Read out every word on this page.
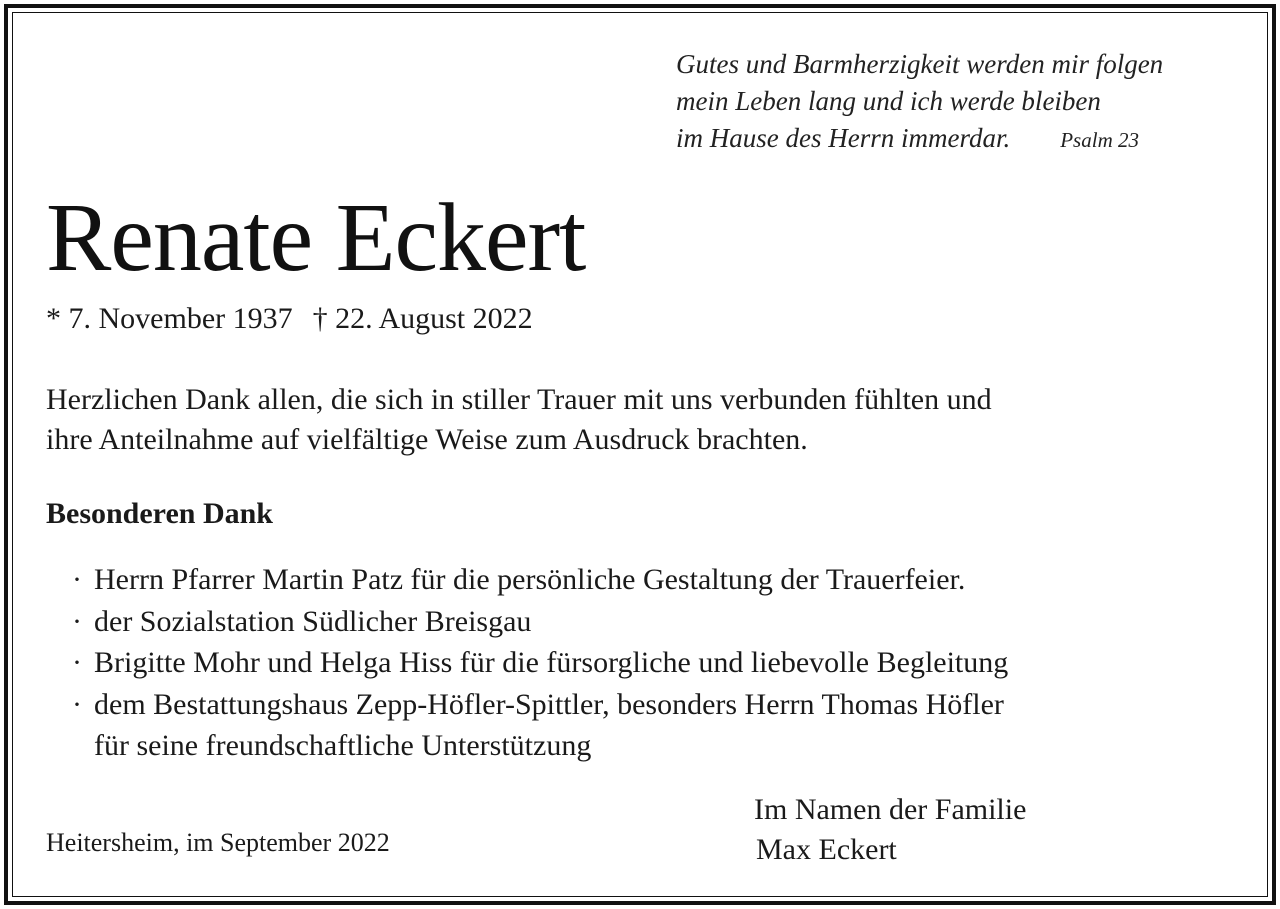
Gutes und Barmherzigkeit werden mir folgen
mein Leben lang und ich werde bleiben
im Hause des Herrn immerdar. Psalm 23
Renate Eckert
* 7. November 1937 † 22. August 2022
Herzlichen Dank allen, die sich in stiller Trauer mit uns verbunden fühlten und
ihre Anteilnahme auf vielfältige Weise zum Ausdruck brachten.
Besonderen Dank
· Herrn Pfarrer Martin Patz für die persönliche Gestaltung der Trauerfeier.
· der Sozialstation Südlicher Breisgau
· Brigitte Mohr und Helga Hiss für die fürsorgliche und liebevolle Begleitung
· dem Bestattungshaus Zepp-Höfler-Spittler, besonders Herrn Thomas Höfler
für seine freundschaftliche Unterstützung
Heitersheim, im September 2022
Im Namen der Familie
Max Eckert
